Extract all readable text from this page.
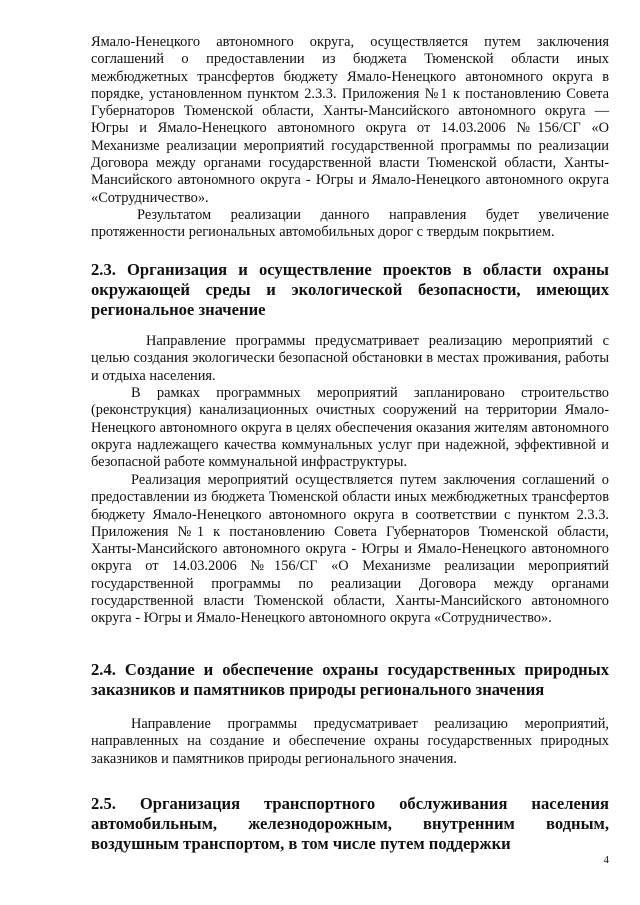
Ямало-Ненецкого автономного округа, осуществляется путем заключения соглашений о предоставлении из бюджета Тюменской области иных межбюджетных трансфертов бюджету Ямало-Ненецкого автономного округа в порядке, установленном пунктом 2.3.3. Приложения №1 к постановлению Совета Губернаторов Тюменской области, Ханты-Мансийского автономного округа — Югры и Ямало-Ненецкого автономного округа от 14.03.2006 №156/СГ «О Механизме реализации мероприятий государственной программы по реализации Договора между органами государственной власти Тюменской области, Ханты-Мансийского автономного округа - Югры и Ямало-Ненецкого автономного округа «Сотрудничество».

Результатом реализации данного направления будет увеличение протяженности региональных автомобильных дорог с твердым покрытием.

2.3. Организация и осуществление проектов в области охраны окружающей среды и экологической безопасности, имеющих региональное значение

Направление программы предусматривает реализацию мероприятий с целью создания экологически безопасной обстановки в местах проживания, работы и отдыха населения.

В рамках программных мероприятий запланировано строительство (реконструкция) канализационных очистных сооружений на территории Ямало-Ненецкого автономного округа в целях обеспечения оказания жителям автономного округа надлежащего качества коммунальных услуг при надежной, эффективной и безопасной работе коммунальной инфраструктуры.

Реализация мероприятий осуществляется путем заключения соглашений о предоставлении из бюджета Тюменской области иных межбюджетных трансфертов бюджету Ямало-Ненецкого автономного округа в соответствии с пунктом 2.3.3. Приложения №1 к постановлению Совета Губернаторов Тюменской области, Ханты-Мансийского автономного округа - Югры и Ямало-Ненецкого автономного округа от 14.03.2006 №156/СГ «О Механизме реализации мероприятий государственной программы по реализации Договора между органами государственной власти Тюменской области, Ханты-Мансийского автономного округа - Югры и Ямало-Ненецкого автономного округа «Сотрудничество».

2.4. Создание и обеспечение охраны государственных природных заказников и памятников природы регионального значения

Направление программы предусматривает реализацию мероприятий, направленных на создание и обеспечение охраны государственных природных заказников и памятников природы регионального значения.

2.5. Организация транспортного обслуживания населения автомобильным, железнодорожным, внутренним водным, воздушным транспортом, в том числе путем поддержки
4
